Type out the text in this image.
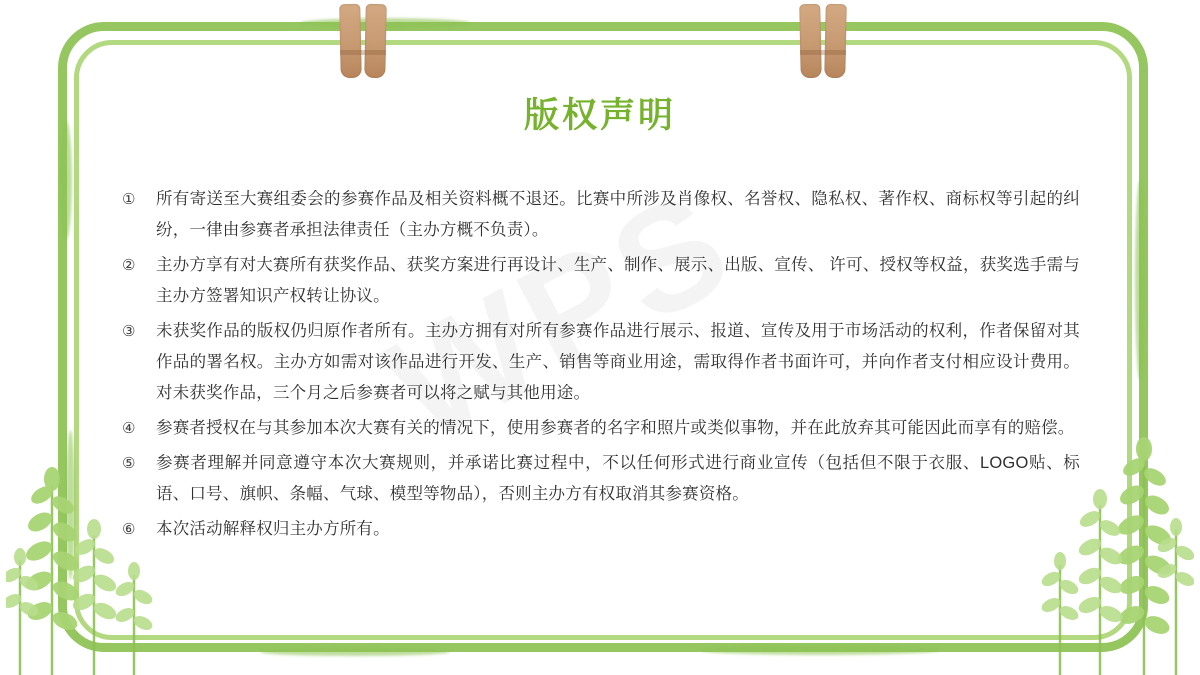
版权声明
①	所有寄送至大赛组委会的参赛作品及相关资料概不退还。比赛中所涉及肖像权、名誉权、隐私权、著作权、商标权等引起的纠纷，一律由参赛者承担法律责任（主办方概不负责）。
②	主办方享有对大赛所有获奖作品、获奖方案进行再设计、生产、制作、展示、出版、宣传、 许可、授权等权益，获奖选手需与主办方签署知识产权转让协议。
③	未获奖作品的版权仍归原作者所有。主办方拥有对所有参赛作品进行展示、报道、宣传及用于市场活动的权利，作者保留对其作品的署名权。主办方如需对该作品进行开发、生产、销售等商业用途，需取得作者书面许可，并向作者支付相应设计费用。对未获奖作品，三个月之后参赛者可以将之赋与其他用途。
④	参赛者授权在与其参加本次大赛有关的情况下，使用参赛者的名字和照片或类似事物，并在此放弃其可能因此而享有的赔偿。
⑤	参赛者理解并同意遵守本次大赛规则，并承诺比赛过程中，不以任何形式进行商业宣传（包括但不限于衣服、LOGO贴、标语、口号、旗帜、条幅、气球、模型等物品），否则主办方有权取消其参赛资格。
⑥	本次活动解释权归主办方所有。
